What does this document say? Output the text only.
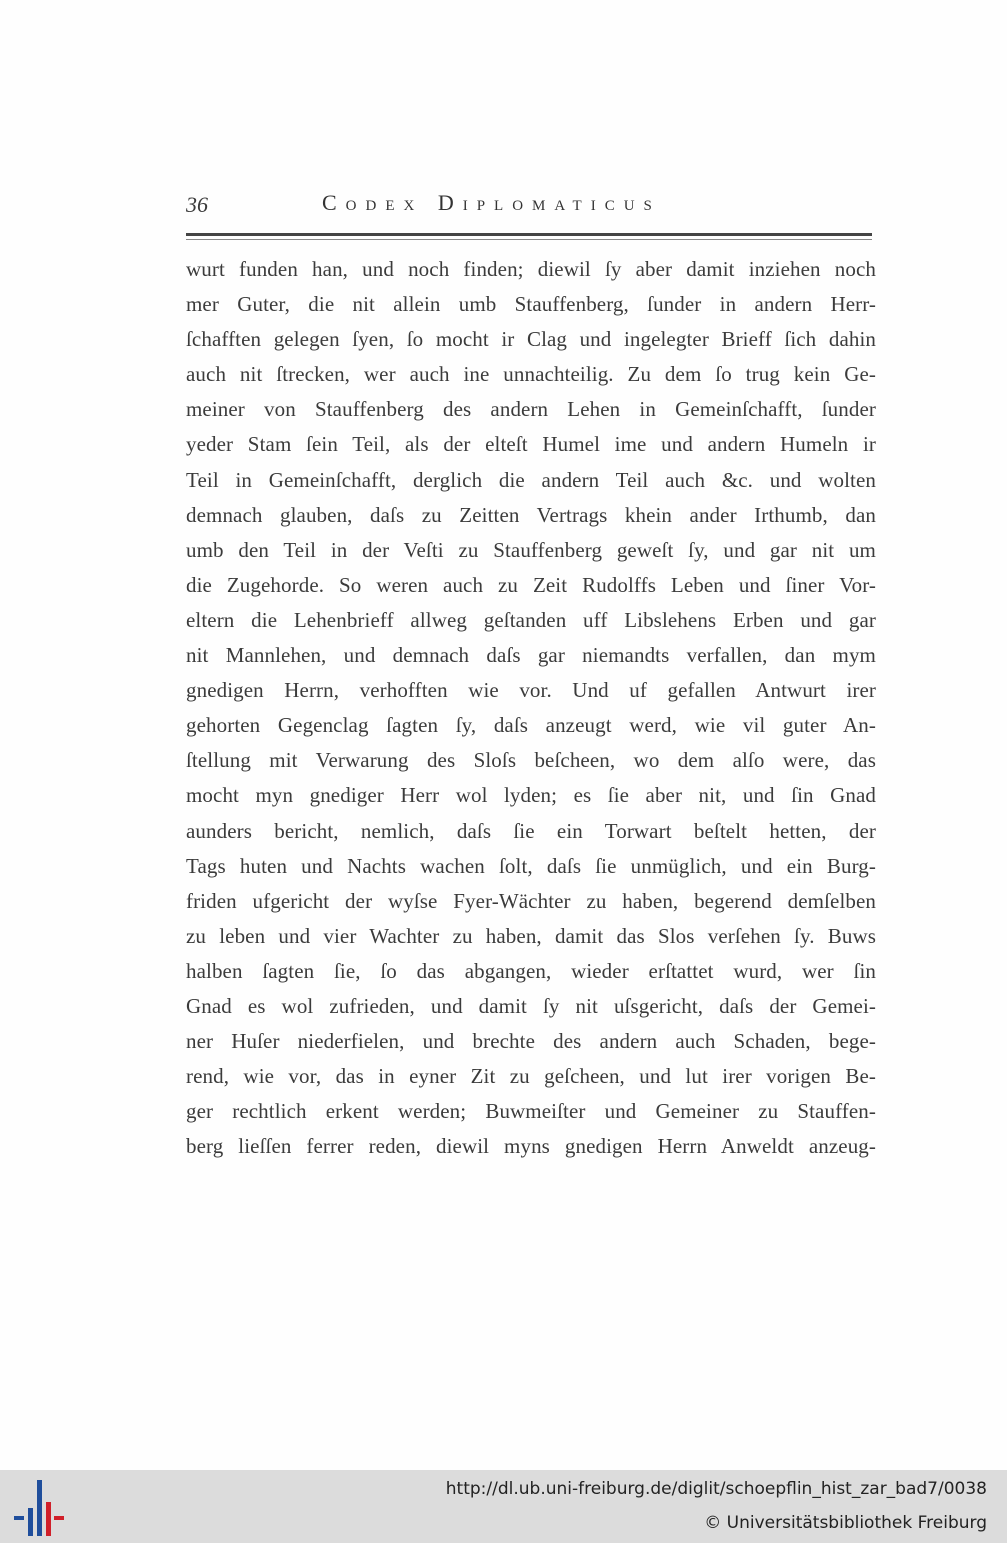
36	Codex Diplomaticus
wurt funden han, und noch finden; diewil ſy aber damit inziehen noch
mer Guter, die nit allein umb Stauffenberg, ſunder in andern Herr-
ſchafften gelegen ſyen, ſo mocht ir Clag und ingelegter Brieff ſich dahin
auch nit ſtrecken, wer auch ine unnachteilig. Zu dem ſo trug kein Ge-
meiner von Stauffenberg des andern Lehen in Gemeinſchafft, ſunder
yeder Stam ſein Teil, als der elteſt Humel ime und andern Humeln ir
Teil in Gemeinſchafft, derglich die andern Teil auch &c. und wolten
demnach glauben, daſs zu Zeitten Vertrags khein ander Irthumb, dan
umb den Teil in der Veſti zu Stauffenberg geweſt ſy, und gar nit um
die Zugehorde. So weren auch zu Zeit Rudolffs Leben und ſiner Vor-
eltern die Lehenbrieff allweg geſtanden uff Libslehens Erben und gar
nit Mannlehen, und demnach daſs gar niemandts verfallen, dan mym
gnedigen Herrn, verhofften wie vor. Und uf gefallen Antwurt irer
gehorten Gegenclag ſagten ſy, daſs anzeugt werd, wie vil guter An-
ſtellung mit Verwarung des Sloſs beſcheen, wo dem alſo were, das
mocht myn gnediger Herr wol lyden; es ſie aber nit, und ſin Gnad
aunders bericht, nemlich, daſs ſie ein Torwart beſtelt hetten, der
Tags huten und Nachts wachen ſolt, daſs ſie unmüglich, und ein Burg-
friden ufgericht der wyſse Fyer-Wächter zu haben, begerend demſelben
zu leben und vier Wachter zu haben, damit das Slos verſehen ſy. Buws
halben ſagten ſie, ſo das abgangen, wieder erſtattet wurd, wer ſin
Gnad es wol zufrieden, und damit ſy nit uſsgericht, daſs der Gemei-
ner Huſer niederfielen, und brechte des andern auch Schaden, bege-
rend, wie vor, das in eyner Zit zu geſcheen, und lut irer vorigen Be-
ger rechtlich erkent werden; Buwmeiſter und Gemeiner zu Stauffen-
berg lieſſen ferrer reden, diewil myns gnedigen Herrn Anweldt anzeug-
http://dl.ub.uni-freiburg.de/diglit/schoepflin_hist_zar_bad7/0038
© Universitätsbibliothek Freiburg
